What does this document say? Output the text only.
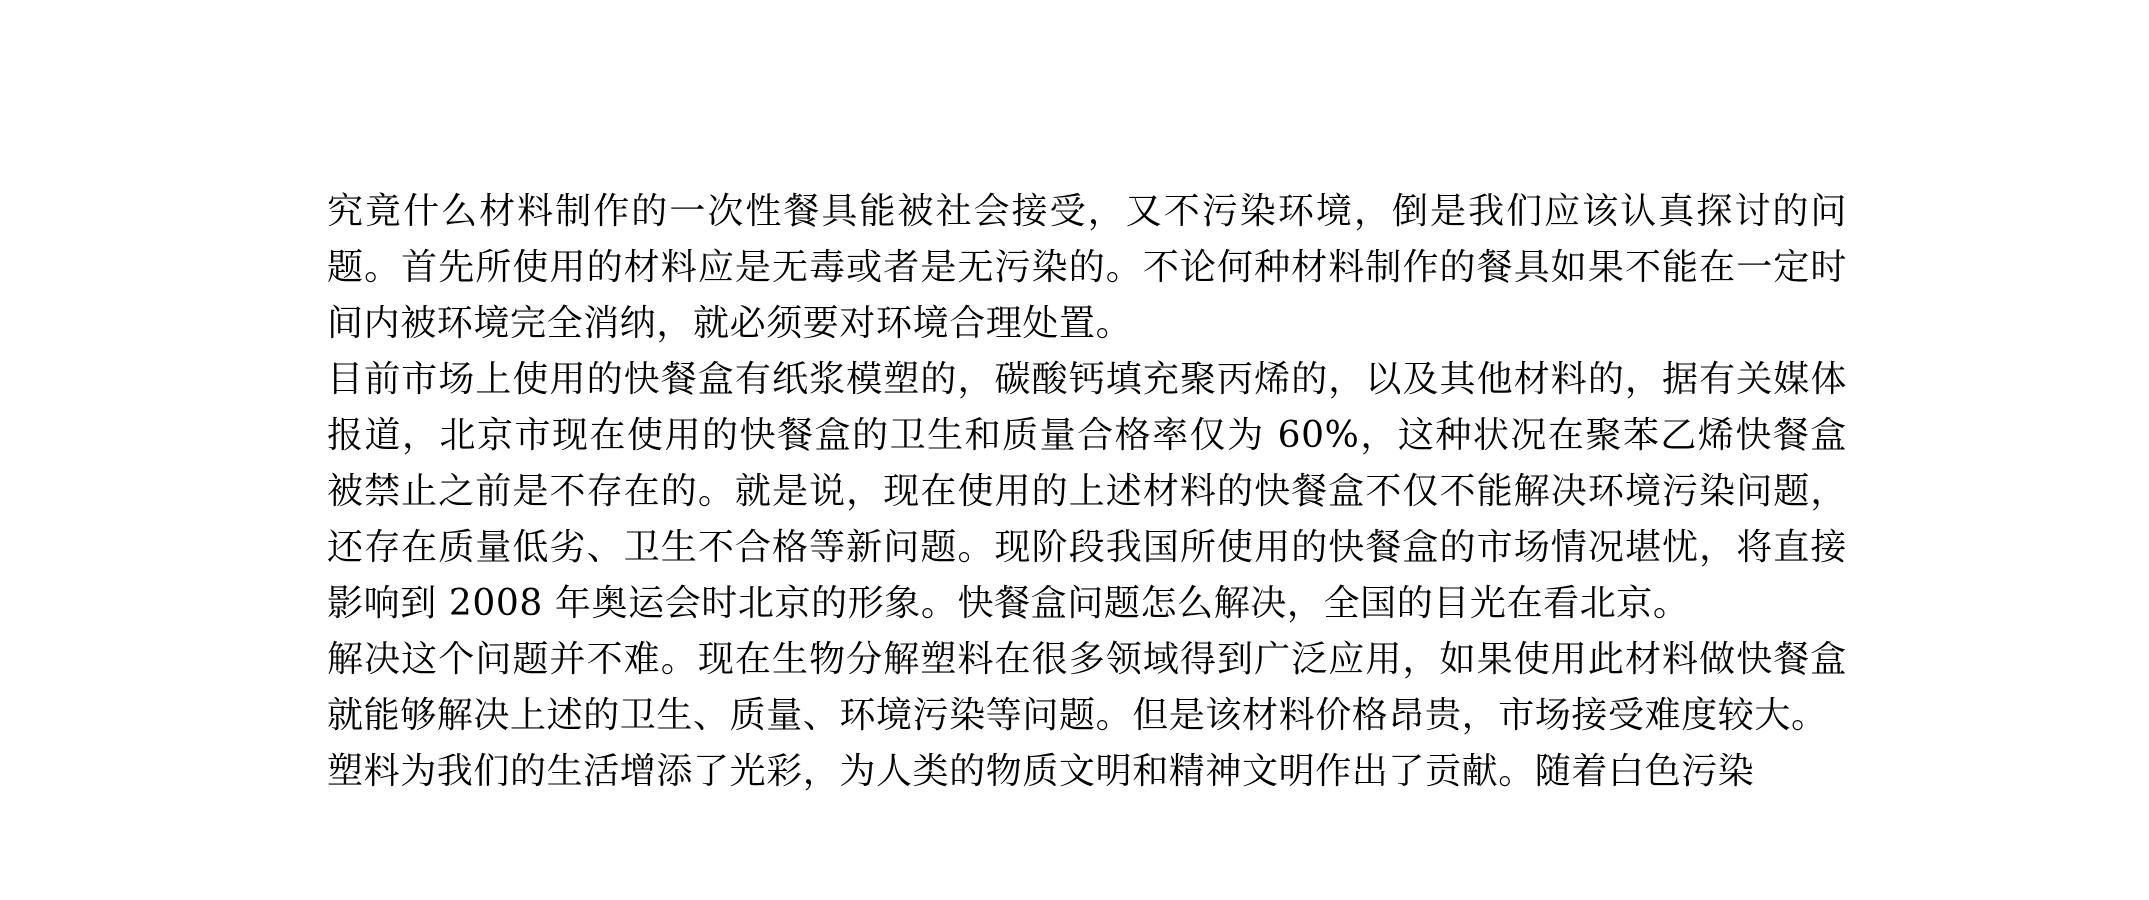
究竟什么材料制作的一次性餐具能被社会接受，又不污染环境，倒是我们应该认真探讨的问题。首先所使用的材料应是无毒或者是无污染的。不论何种材料制作的餐具如果不能在一定时间内被环境完全消纳，就必须要对环境合理处置。

目前市场上使用的快餐盒有纸浆模塑的，碳酸钙填充聚丙烯的，以及其他材料的，据有关媒体报道，北京市现在使用的快餐盒的卫生和质量合格率仅为 60%，这种状况在聚苯乙烯快餐盒被禁止之前是不存在的。就是说，现在使用的上述材料的快餐盒不仅不能解决环境污染问题，还存在质量低劣、卫生不合格等新问题。现阶段我国所使用的快餐盒的市场情况堪忧，将直接影响到 2008 年奥运会时北京的形象。快餐盒问题怎么解决，全国的目光在看北京。

解决这个问题并不难。现在生物分解塑料在很多领域得到广泛应用，如果使用此材料做快餐盒就能够解决上述的卫生、质量、环境污染等问题。但是该材料价格昂贵，市场接受难度较大。

塑料为我们的生活增添了光彩，为人类的物质文明和精神文明作出了贡献。随着白色污染
